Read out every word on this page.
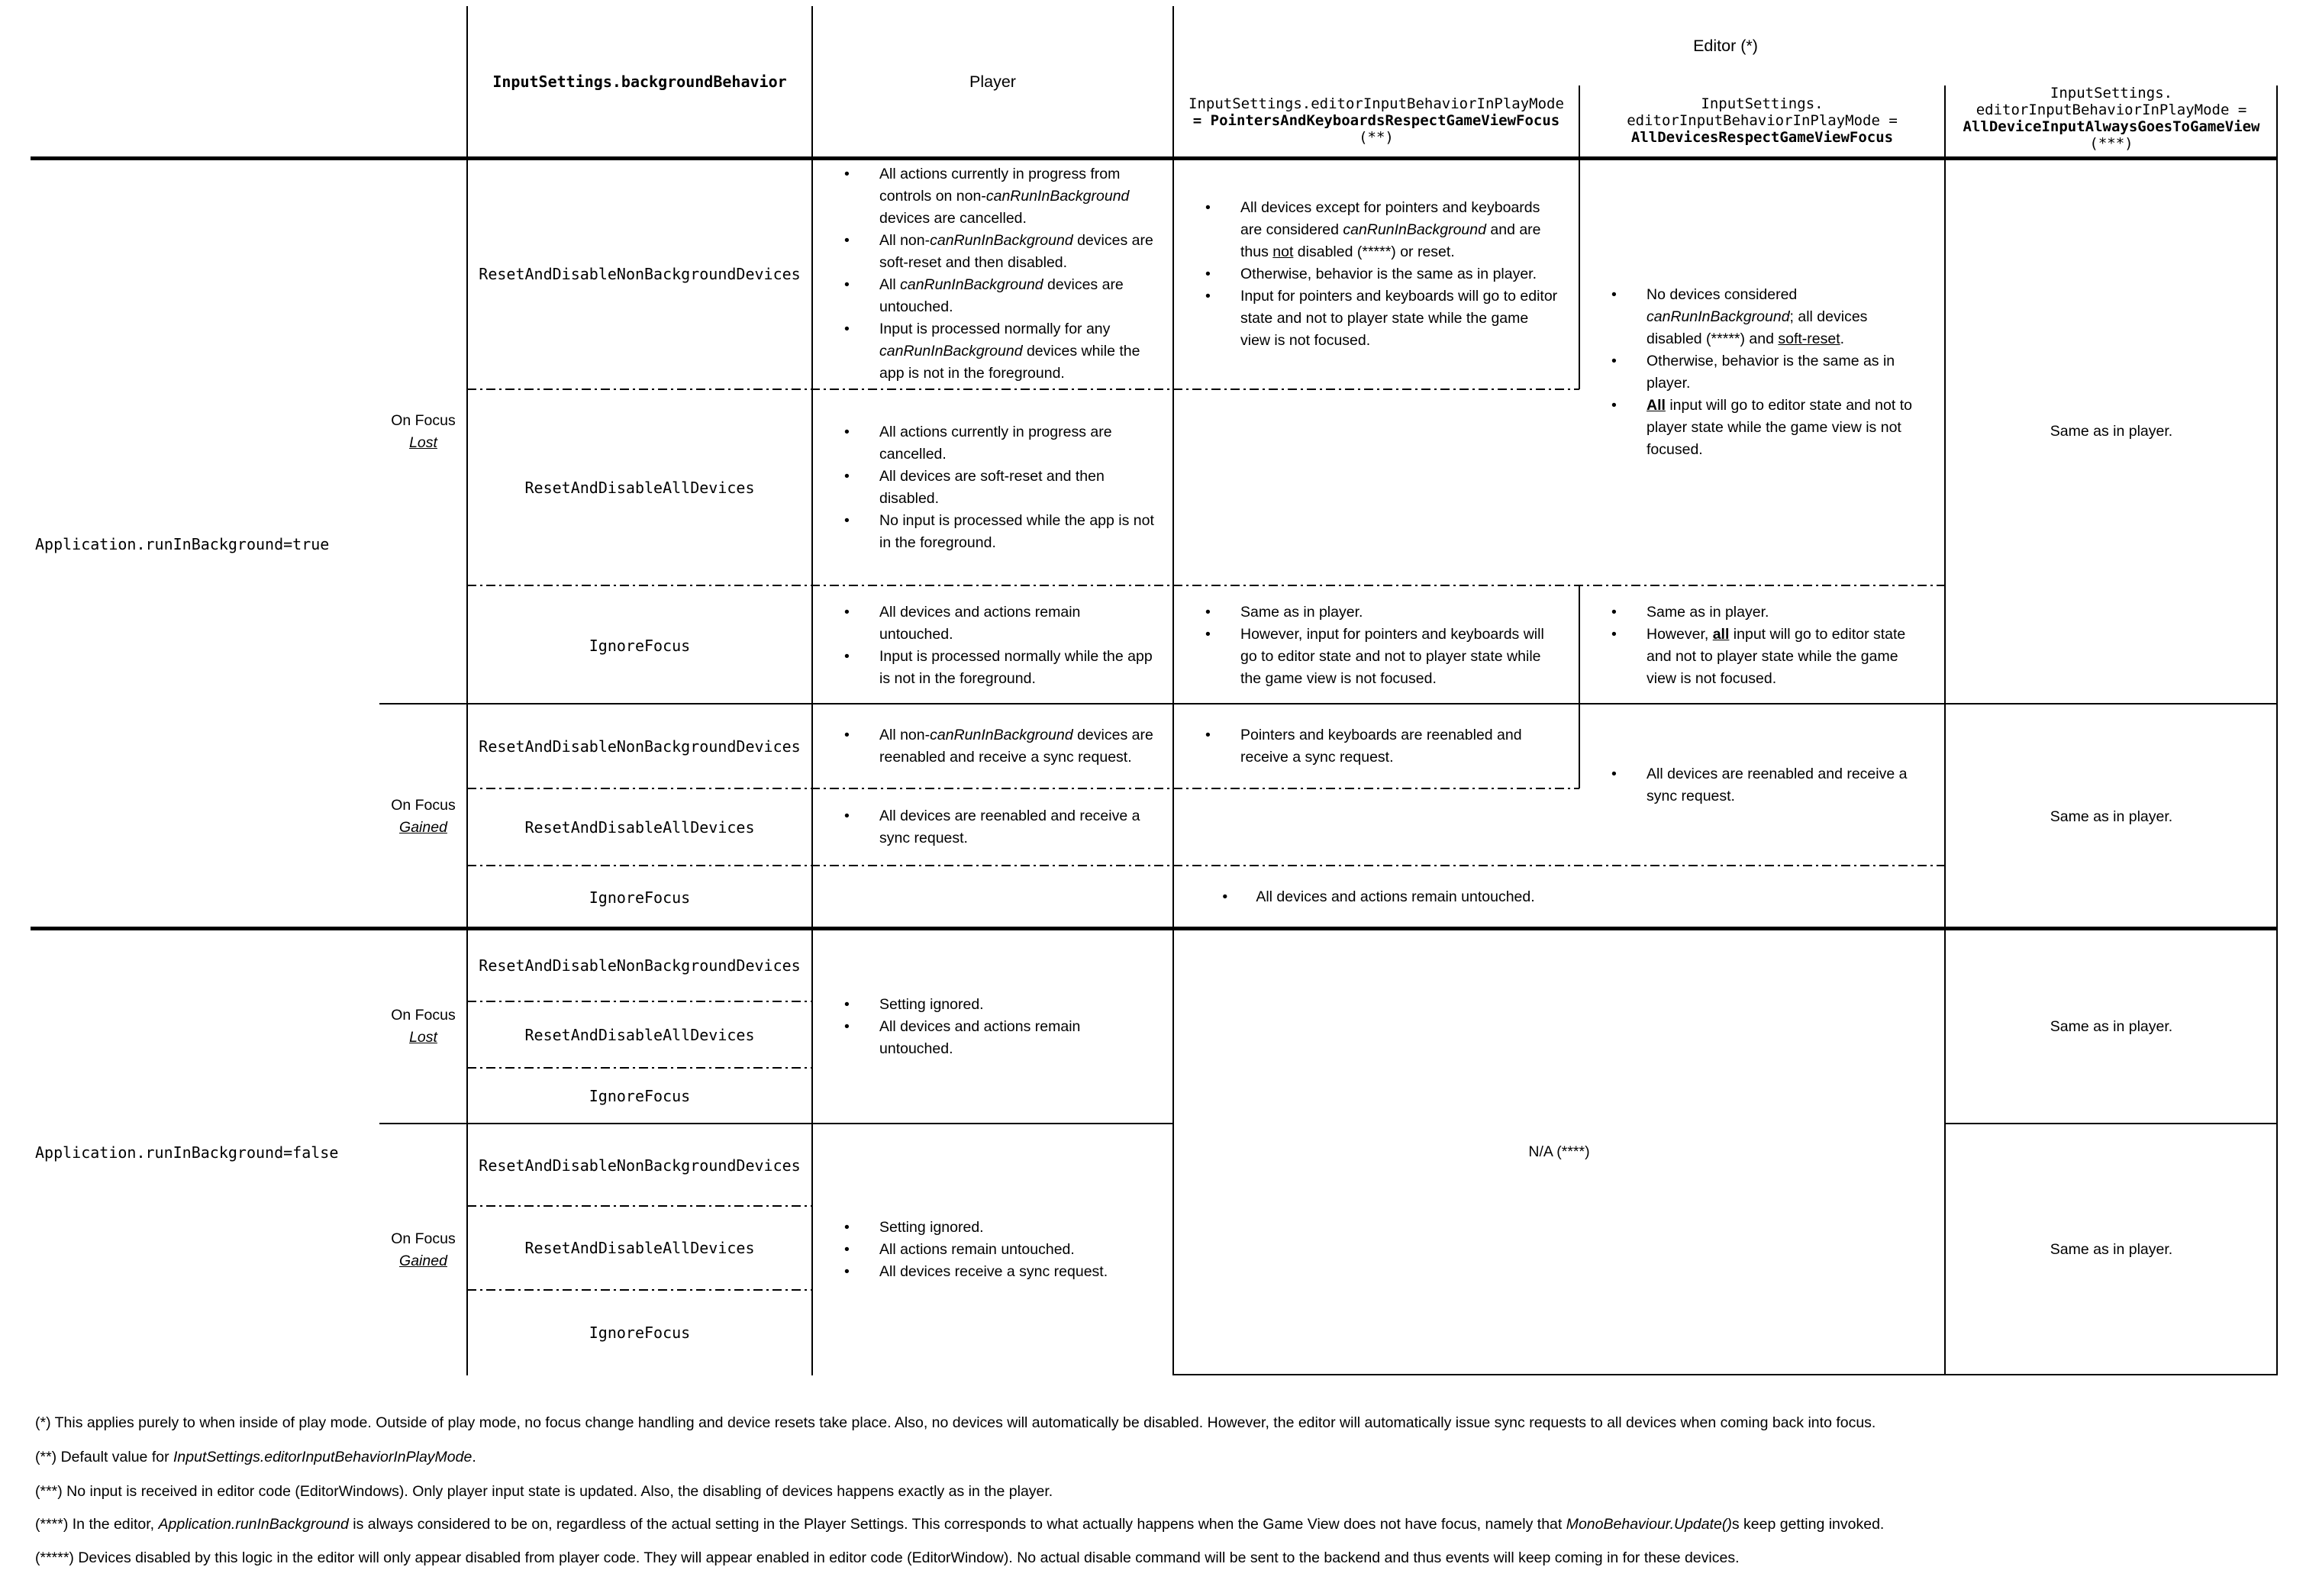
InputSettings.backgroundBehavior	Player
Editor (*)
InputSettings.editorInputBehaviorInPlayMode
= PointersAndKeyboardsRespectGameViewFocus
(**)
InputSettings.
editorInputBehaviorInPlayMode =
AllDevicesRespectGameViewFocus
InputSettings.
editorInputBehaviorInPlayMode =
AllDeviceInputAlwaysGoesToGameView
(***)
Application.runInBackground=true
Application.runInBackground=false
On Focus
Lost
On Focus
Gained
On Focus
Lost
On Focus
Gained
ResetAndDisableNonBackgroundDevices
ResetAndDisableAllDevices
IgnoreFocus
ResetAndDisableNonBackgroundDevices
ResetAndDisableAllDevices
IgnoreFocus
ResetAndDisableNonBackgroundDevices
ResetAndDisableAllDevices
IgnoreFocus
ResetAndDisableNonBackgroundDevices
ResetAndDisableAllDevices
IgnoreFocus
• All actions currently in progress from controls on non-canRunInBackground devices are cancelled.
• All non-canRunInBackground devices are soft-reset and then disabled.
• All canRunInBackground devices are untouched.
• Input is processed normally for any canRunInBackground devices while the app is not in the foreground.
• All actions currently in progress are cancelled.
• All devices are soft-reset and then disabled.
• No input is processed while the app is not in the foreground.
• All devices and actions remain untouched.
• Input is processed normally while the app is not in the foreground.
• All non-canRunInBackground devices are reenabled and receive a sync request.
• All devices are reenabled and receive a sync request.
• All devices and actions remain untouched.
• Setting ignored.
• All devices and actions remain untouched.
• Setting ignored.
• All actions remain untouched.
• All devices receive a sync request.
• All devices except for pointers and keyboards are considered canRunInBackground and are thus not disabled (*****) or reset.
• Otherwise, behavior is the same as in player.
• Input for pointers and keyboards will go to editor state and not to player state while the game view is not focused.
• Same as in player.
• However, input for pointers and keyboards will go to editor state and not to player state while the game view is not focused.
• Pointers and keyboards are reenabled and receive a sync request.
• No devices considered canRunInBackground; all devices disabled (*****) and soft-reset.
• Otherwise, behavior is the same as in player.
• All input will go to editor state and not to player state while the game view is not focused.
• Same as in player.
• However, all input will go to editor state and not to player state while the game view is not focused.
• All devices are reenabled and receive a sync request.
N/A (****)
Same as in player.
Same as in player.
Same as in player.
Same as in player.
(*) This applies purely to when inside of play mode. Outside of play mode, no focus change handling and device resets take place. Also, no devices will automatically be disabled. However, the editor will automatically issue sync requests to all devices when coming back into focus.
(**) Default value for InputSettings.editorInputBehaviorInPlayMode.
(***) No input is received in editor code (EditorWindows). Only player input state is updated. Also, the disabling of devices happens exactly as in the player.
(****) In the editor, Application.runInBackground is always considered to be on, regardless of the actual setting in the Player Settings. This corresponds to what actually happens when the Game View does not have focus, namely that MonoBehaviour.Update()s keep getting invoked.
(*****) Devices disabled by this logic in the editor will only appear disabled from player code. They will appear enabled in editor code (EditorWindow). No actual disable command will be sent to the backend and thus events will keep coming in for these devices.
